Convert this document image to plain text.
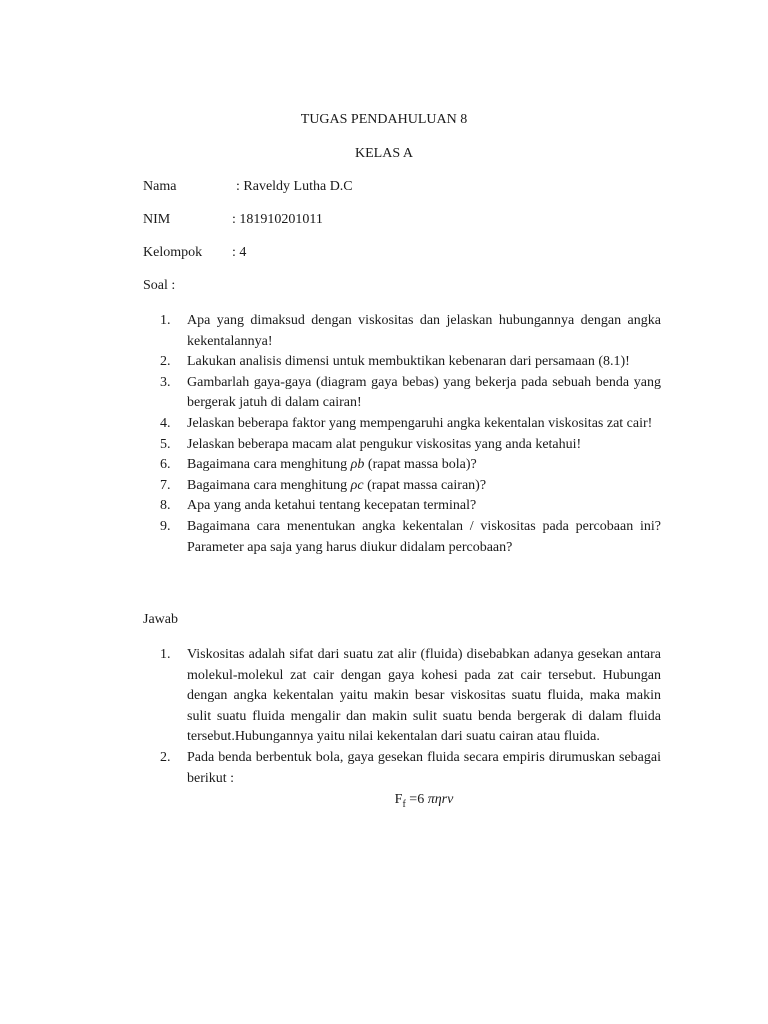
TUGAS PENDAHULUAN 8
KELAS A
Nama	: Raveldy Lutha D.C
NIM	: 181910201011
Kelompok : 4
Soal :
1. Apa yang dimaksud dengan viskositas dan jelaskan hubungannya dengan angka kekentalannya!
2. Lakukan analisis dimensi untuk membuktikan kebenaran dari persamaan (8.1)!
3. Gambarlah gaya-gaya (diagram gaya bebas) yang bekerja pada sebuah benda yang bergerak jatuh di dalam cairan!
4. Jelaskan beberapa faktor yang mempengaruhi angka kekentalan viskositas zat cair!
5. Jelaskan beberapa macam alat pengukur viskositas yang anda ketahui!
6. Bagaimana cara menghitung ρb (rapat massa bola)?
7. Bagaimana cara menghitung ρc (rapat massa cairan)?
8. Apa yang anda ketahui tentang kecepatan terminal?
9. Bagaimana cara menentukan angka kekentalan / viskositas pada percobaan ini? Parameter apa saja yang harus diukur didalam percobaan?
Jawab
1. Viskositas adalah sifat dari suatu zat alir (fluida) disebabkan adanya gesekan antara molekul-molekul zat cair dengan gaya kohesi pada zat cair tersebut. Hubungan dengan angka kekentalan yaitu makin besar viskositas suatu fluida, maka makin sulit suatu fluida mengalir dan makin sulit suatu benda bergerak di dalam fluida tersebut.Hubungannya yaitu nilai kekentalan dari suatu cairan atau fluida.
2. Pada benda berbentuk bola, gaya gesekan fluida secara empiris dirumuskan sebagai berikut :
$F_f =6$ πηrv
